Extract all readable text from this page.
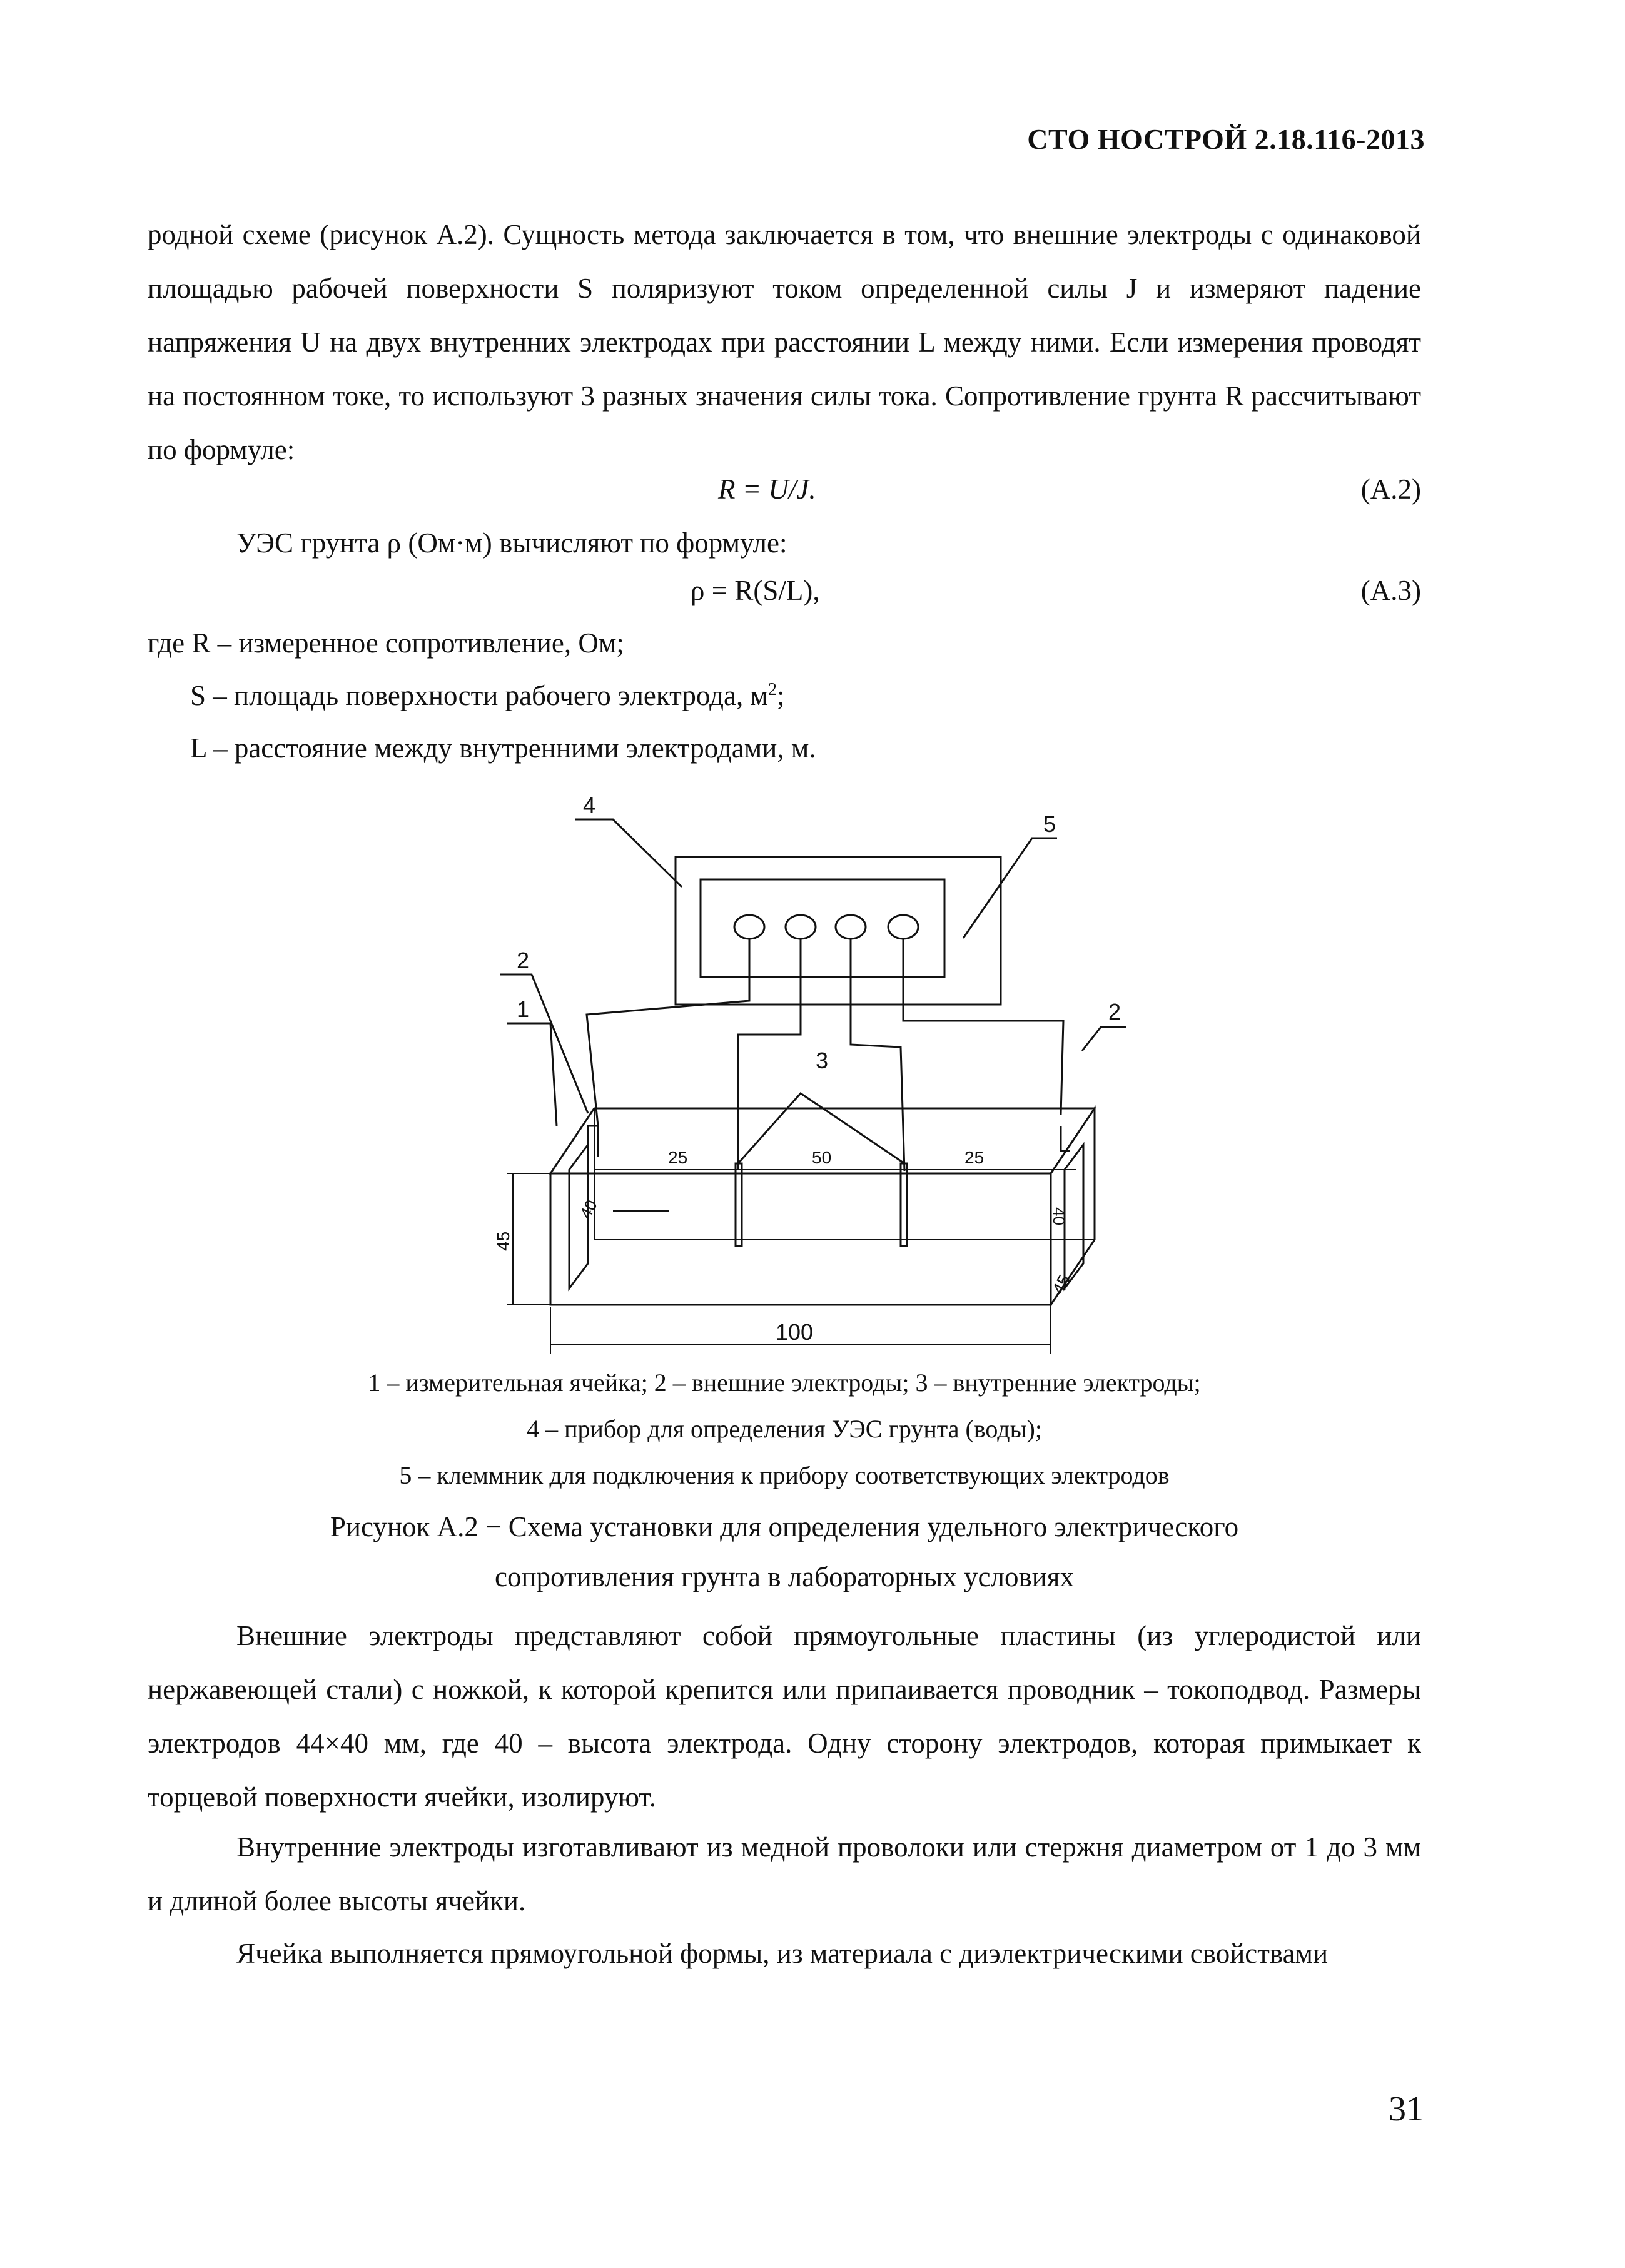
СТО НОСТРОЙ 2.18.116-2013
родной схеме (рисунок А.2). Сущность метода заключается в том, что внешние электроды с одинаковой площадью рабочей поверхности S поляризуют током определенной силы J и измеряют падение напряжения U на двух внутренних электродах при расстоянии L между ними. Если измерения проводят на постоянном токе, то используют 3 разных значения силы тока. Сопротивление грунта R рассчитывают по формуле:
R = U/J.	(А.2)
УЭС грунта ρ (Ом·м) вычисляют по формуле:
ρ = R(S/L),	(А.3)
где R – измеренное сопротивление, Ом;
S – площадь поверхности рабочего электрода, $м^2$;
L – расстояние между внутренними электродами, м.
4
5
3
2
1	2
25	50	25
40	40
45
45
100
1 – измерительная ячейка; 2 – внешние электроды; 3 – внутренние электроды;
4 – прибор для определения УЭС грунта (воды);
5 – клеммник для подключения к прибору соответствующих электродов
Рисунок А.2 − Схема установки для определения удельного электрического
сопротивления грунта в лабораторных условиях
Внешние электроды представляют собой прямоугольные пластины (из углеродистой или нержавеющей стали) с ножкой, к которой крепится или припаивается проводник – токоподвод. Размеры электродов 44×40 мм, где 40 – высота электрода. Одну сторону электродов, которая примыкает к торцевой поверхности ячейки, изолируют.
Внутренние электроды изготавливают из медной проволоки или стержня диаметром от 1 до 3 мм и длиной более высоты ячейки.
Ячейка выполняется прямоугольной формы, из материала с диэлектрическими свойствами
31
